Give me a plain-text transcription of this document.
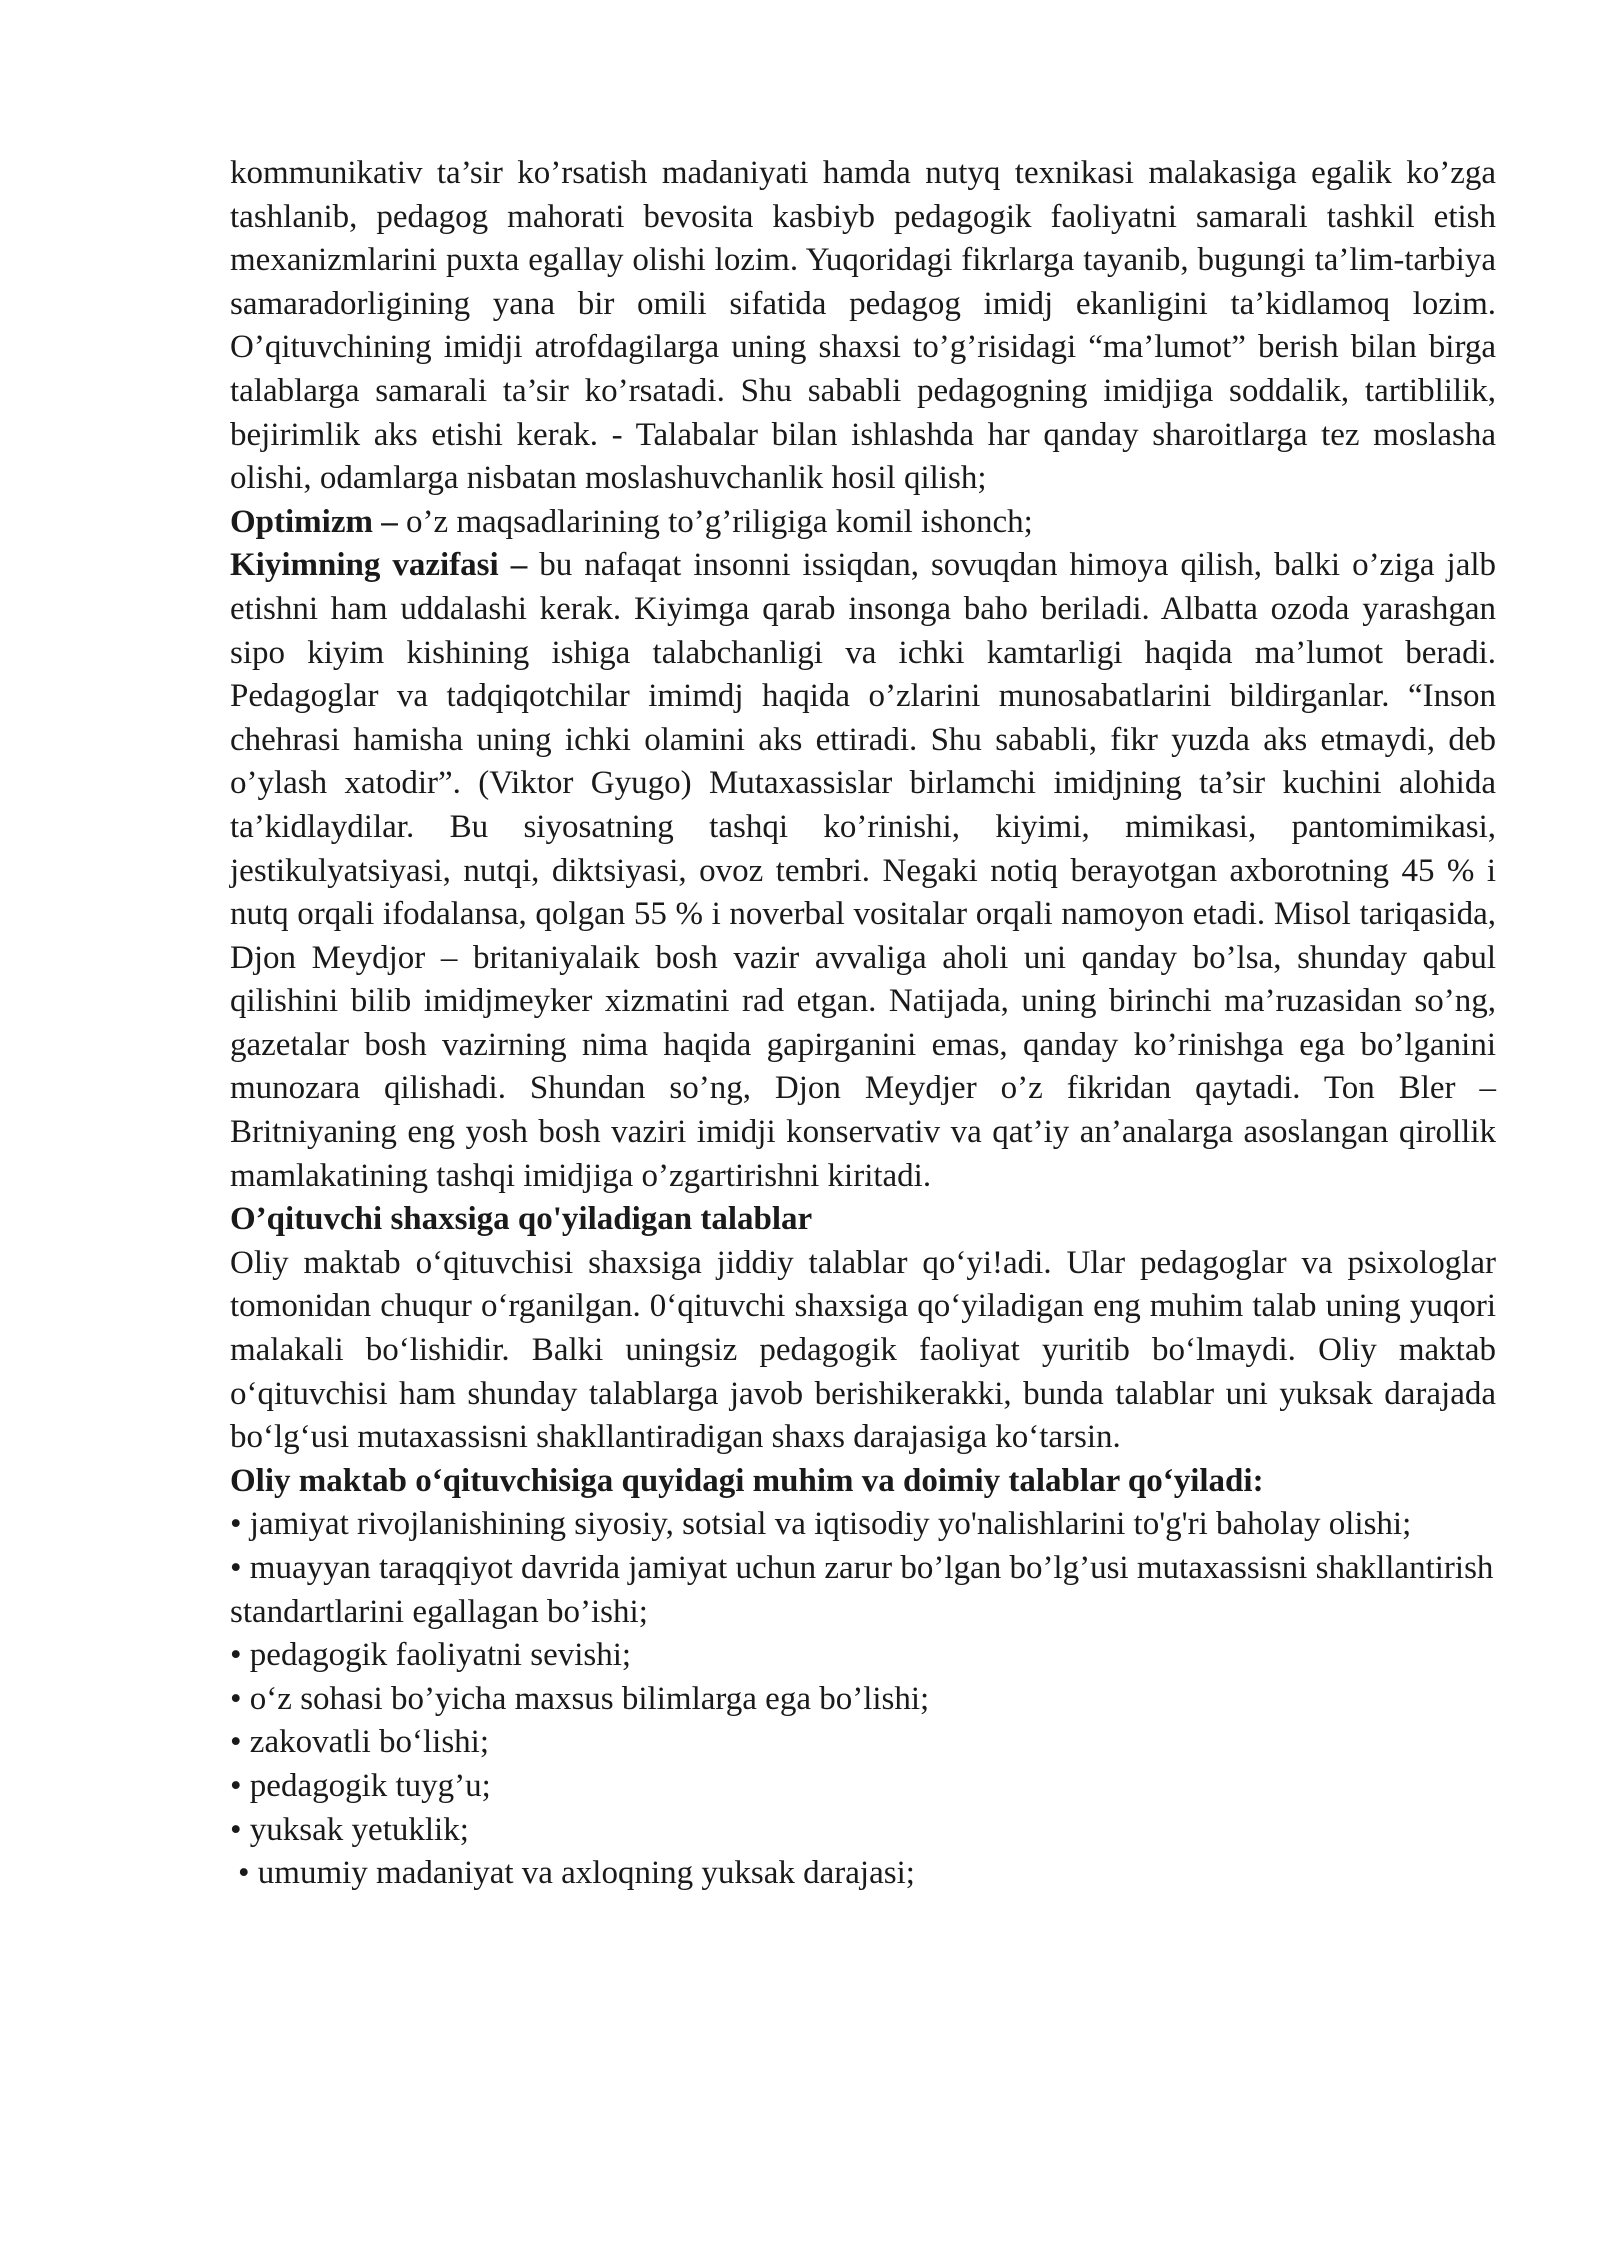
kommunikativ ta’sir ko’rsatish madaniyati hamda nutyq texnikasi malakasiga egalik ko’zga tashlanib, pedagog mahorati bevosita kasbiyb pedagogik faoliyatni samarali tashkil etish mexanizmlarini puxta egallay olishi lozim. Yuqoridagi fikrlarga tayanib, bugungi ta’lim-tarbiya samaradorligining yana bir omili sifatida pedagog imidj ekanligini ta’kidlamoq lozim. O’qituvchining imidji atrofdagilarga uning shaxsi to’g’risidagi “ma’lumot” berish bilan birga talablarga samarali ta’sir ko’rsatadi. Shu sababli pedagogning imidjiga soddalik, tartiblilik, bejirimlik aks etishi kerak. - Talabalar bilan ishlashda har qanday sharoitlarga tez moslasha olishi, odamlarga nisbatan moslashuvchanlik hosil qilish;

Optimizm – o’z maqsadlarining to’g’riligiga komil ishonch;

Kiyimning vazifasi – bu nafaqat insonni issiqdan, sovuqdan himoya qilish, balki o’ziga jalb etishni ham uddalashi kerak. Kiyimga qarab insonga baho beriladi. Albatta ozoda yarashgan sipo kiyim kishining ishiga talabchanligi va ichki kamtarligi haqida ma’lumot beradi. Pedagoglar va tadqiqotchilar imimdj haqida o’zlarini munosabatlarini bildirganlar. “Inson chehrasi hamisha uning ichki olamini aks ettiradi. Shu sababli, fikr yuzda aks etmaydi, deb o’ylash xatodir”. (Viktor Gyugo) Mutaxassislar birlamchi imidjning ta’sir kuchini alohida ta’kidlaydilar. Bu siyosatning tashqi ko’rinishi, kiyimi, mimikasi, pantomimikasi, jestikulyatsiyasi, nutqi, diktsiyasi, ovoz tembri. Negaki notiq berayotgan axborotning 45 % i nutq orqali ifodalansa, qolgan 55 % i noverbal vositalar orqali namoyon etadi. Misol tariqasida, Djon Meydjor – britaniyalaik bosh vazir avvaliga aholi uni qanday bo’lsa, shunday qabul qilishini bilib imidjmeyker xizmatini rad etgan. Natijada, uning birinchi ma’ruzasidan so’ng, gazetalar bosh vazirning nima haqida gapirganini emas, qanday ko’rinishga ega bo’lganini munozara qilishadi. Shundan so’ng, Djon Meydjer o’z fikridan qaytadi. Ton Bler – Britniyaning eng yosh bosh vaziri imidji konservativ va qat’iy an’analarga asoslangan qirollik mamlakatining tashqi imidjiga o’zgartirishni kiritadi.

O’qituvchi shaxsiga qo'yiladigan talablar

Oliy maktab o‘qituvchisi shaxsiga jiddiy talablar qo‘yi!adi. Ular pedagoglar va psixologlar tomonidan chuqur o‘rganilgan. 0‘qituvchi shaxsiga qo‘yiladigan eng muhim talab uning yuqori malakali bo‘lishidir. Balki uningsiz pedagogik faoliyat yuritib bo‘lmaydi. Oliy maktab o‘qituvchisi ham shunday talablarga javob berishikerakki, bunda talablar uni yuksak darajada bo‘lg‘usi mutaxassisni shakllantiradigan shaxs darajasiga ko‘tarsin.

Oliy maktab o‘qituvchisiga quyidagi muhim va doimiy talablar qo‘yiladi:

• jamiyat rivojlanishining siyosiy, sotsial va iqtisodiy yo'nalishlarini to'g'ri baholay olishi;

• muayyan taraqqiyot davrida jamiyat uchun zarur bo’lgan bo’lg’usi mutaxassisni shakllantirish standartlarini egallagan bo’ishi;

• pedagogik faoliyatni sevishi;

• o‘z sohasi bo’yicha maxsus bilimlarga ega bo’lishi;

• zakovatli bo‘lishi;

• pedagogik tuyg’u;

• yuksak yetuklik;

• umumiy madaniyat va axloqning yuksak darajasi;
